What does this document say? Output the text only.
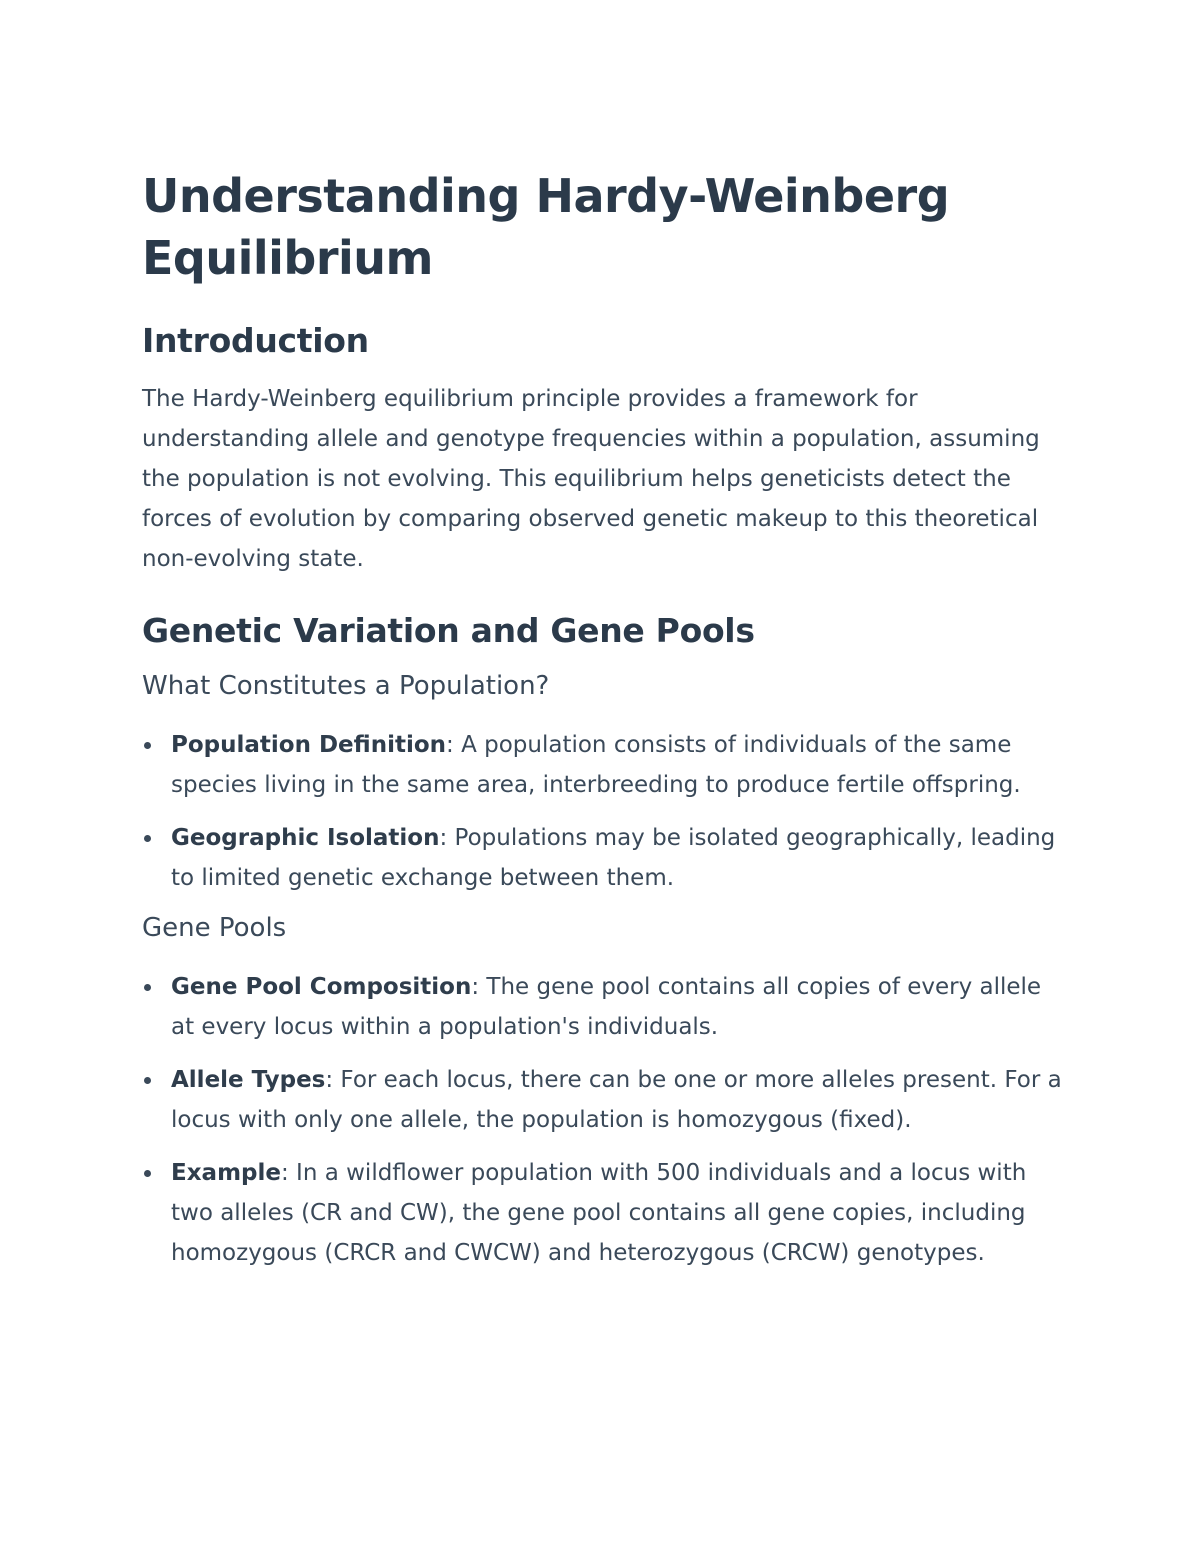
Understanding Hardy-Weinberg Equilibrium
Introduction

The Hardy-Weinberg equilibrium principle provides a framework for understanding allele and genotype frequencies within a population, assuming the population is not evolving. This equilibrium helps geneticists detect the forces of evolution by comparing observed genetic makeup to this theoretical non-evolving state.

Genetic Variation and Gene Pools
What Constitutes a Population?
Population Definition: A population consists of individuals of the same species living in the same area, interbreeding to produce fertile offspring.
Geographic Isolation: Populations may be isolated geographically, leading to limited genetic exchange between them.
Gene Pools
Gene Pool Composition: The gene pool contains all copies of every allele at every locus within a population's individuals.
Allele Types: For each locus, there can be one or more alleles present. For a locus with only one allele, the population is homozygous (fixed).
Example: In a wildflower population with 500 individuals and a locus with two alleles (CR and CW), the gene pool contains all gene copies, including homozygous (CRCR and CWCW) and heterozygous (CRCW) genotypes.
